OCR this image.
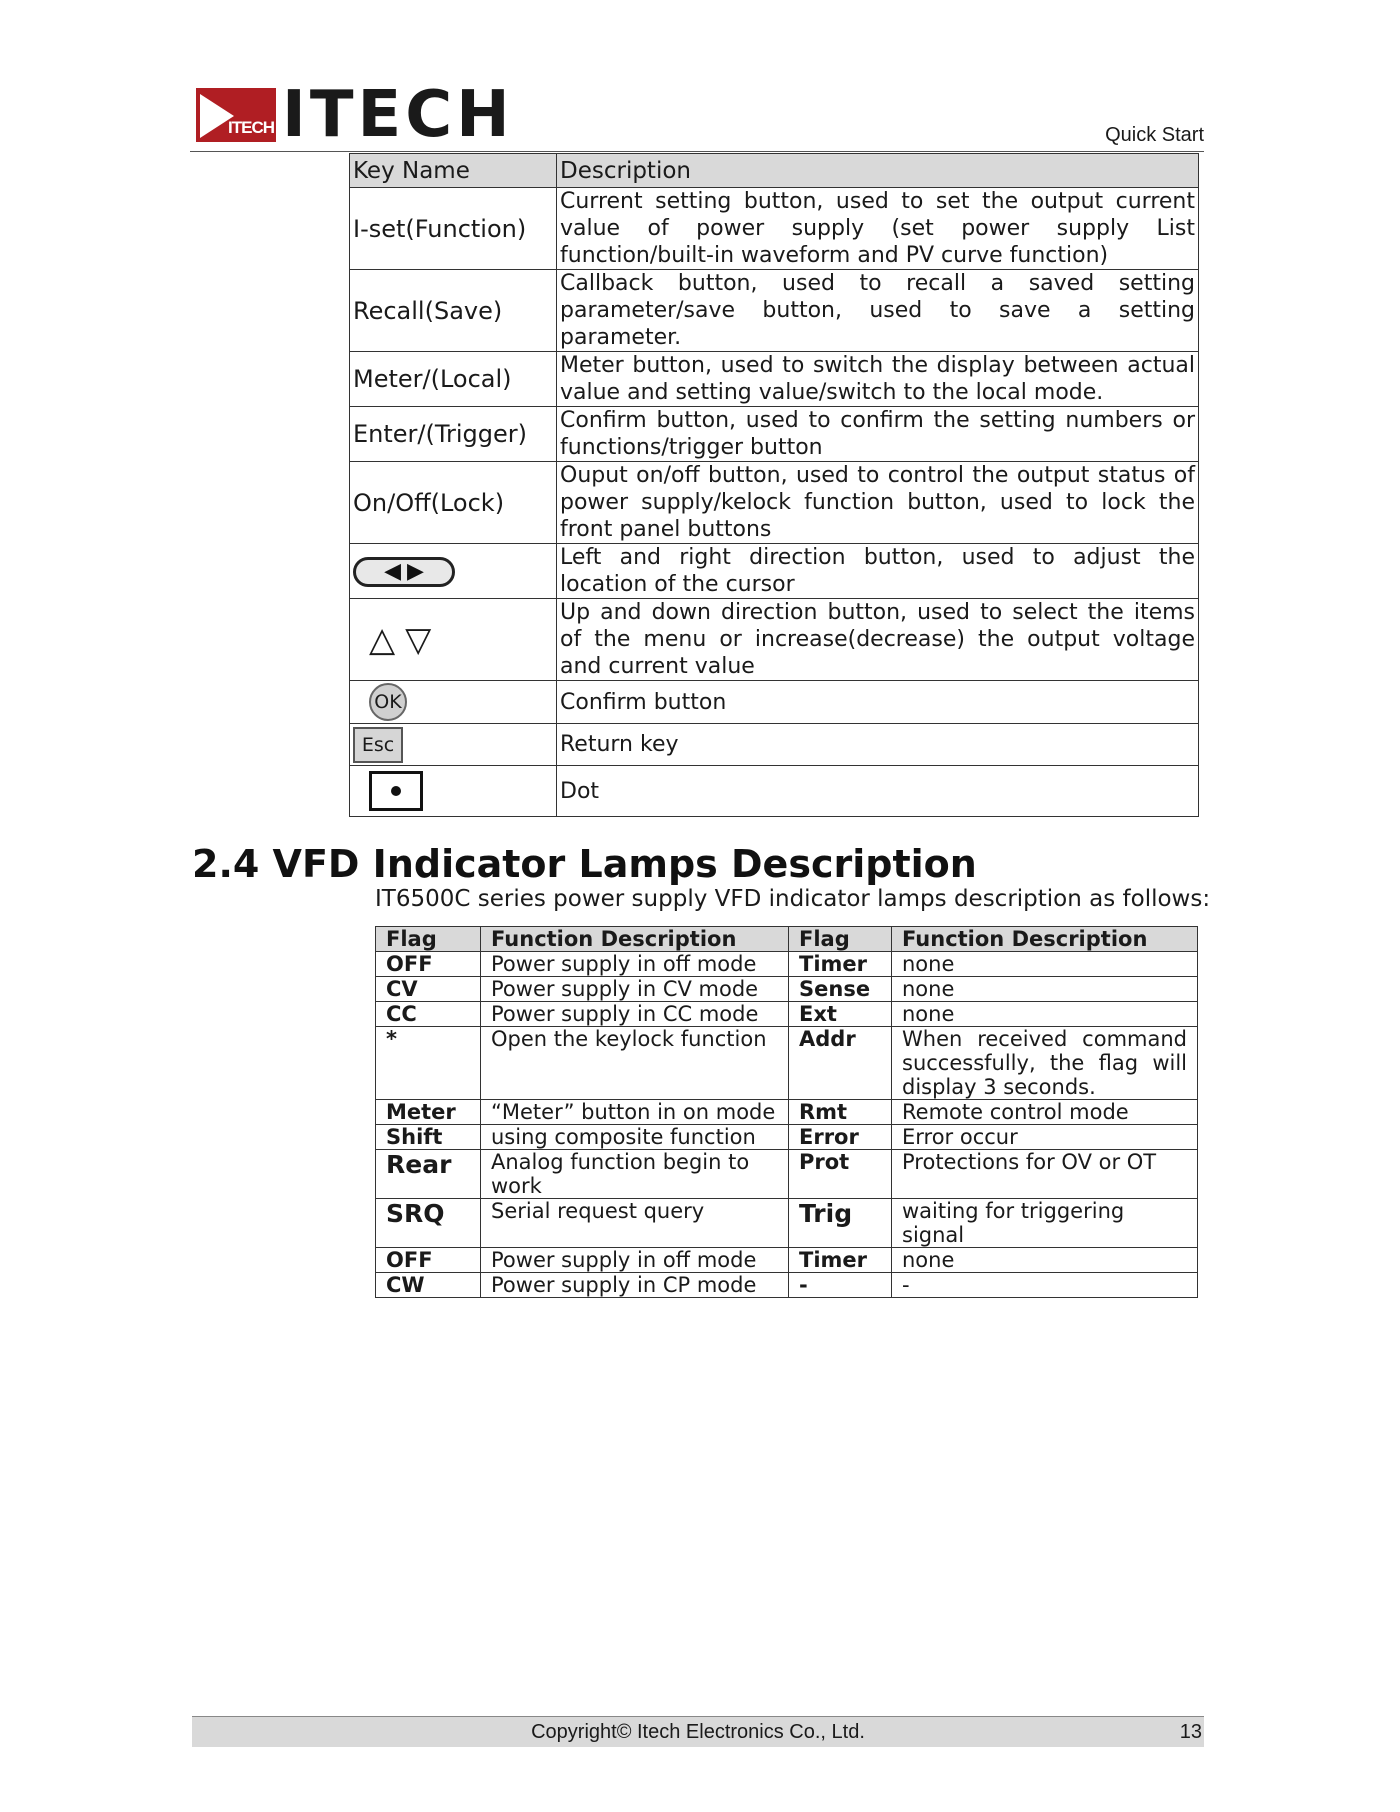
ITECH ITECH	Quick Start
Key Name	Description
I-set(Function)	Current setting button, used to set the output current value of power supply (set power supply List function/built-in waveform and PV curve function)
Recall(Save)	Callback button, used to recall a saved setting parameter/save button, used to save a setting parameter.
Meter/(Local)	Meter button, used to switch the display between actual value and setting value/switch to the local mode.
Enter/(Trigger)	Confirm button, used to confirm the setting numbers or functions/trigger button
On/Off(Lock)	Ouput on/off button, used to control the output status of power supply/kelock function button, used to lock the front panel buttons

◀ ▶	Left and right direction button, used to adjust the location of the cursor
△▽	Up and down direction button, used to select the items of the menu or increase(decrease) the output voltage and current value
OK	Confirm button
Esc	Return key

	Dot
2.4 VFD Indicator Lamps Description
IT6500C series power supply VFD indicator lamps description as follows:
Flag	Function Description	Flag	Function Description
OFF	Power supply in off mode	Timer	none
CV	Power supply in CV mode	Sense	none
CC	Power supply in CC mode	Ext	none
*	Open the keylock function	Addr	When received command successfully, the flag will display 3 seconds.
Meter	“Meter” button in on mode	Rmt	Remote control mode
Shift	using composite function	Error	Error occur
Rear	Analog function begin to work	Prot	Protections for OV or OT
SRQ	Serial request query	Trig	waiting for triggering signal
OFF	Power supply in off mode	Timer	none
CW	Power supply in CP mode	-	-
Copyright© Itech Electronics Co., Ltd.	13
